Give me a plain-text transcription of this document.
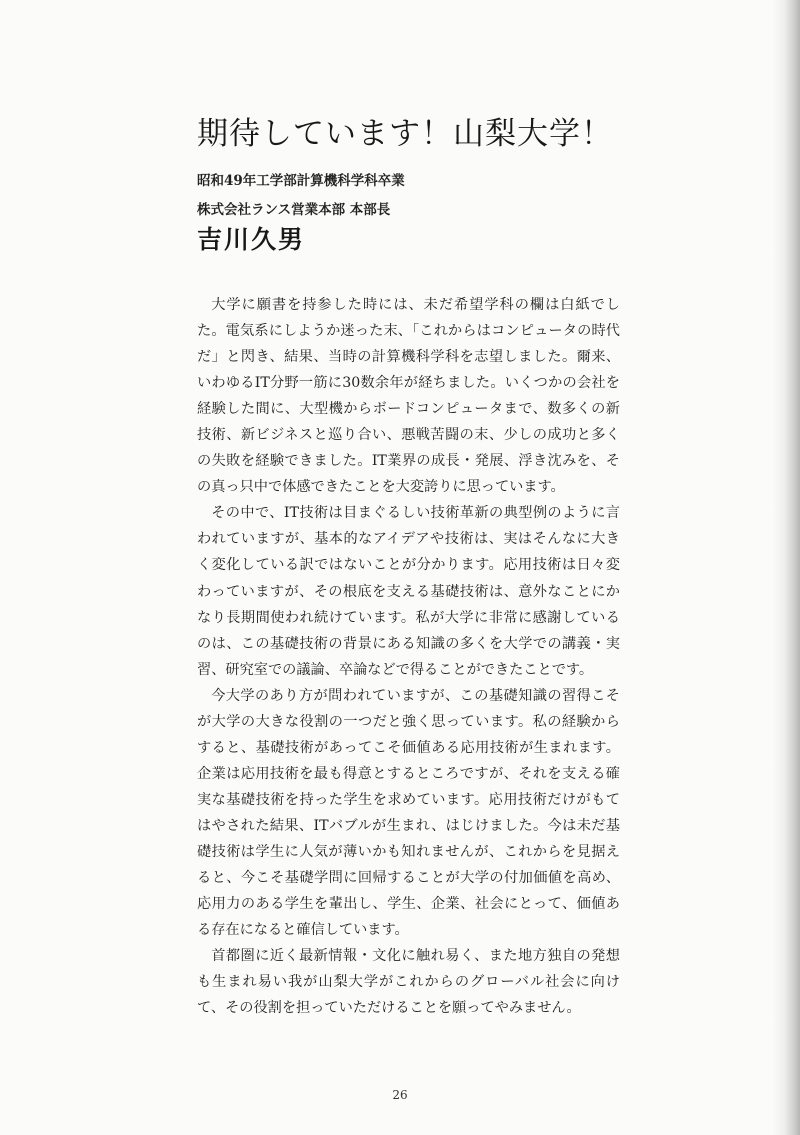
期待しています！山梨大学！

昭和49年工学部計算機科学科卒業

株式会社ランス営業本部 本部長

吉川久男

大学に願書を持参した時には、未だ希望学科の欄は白紙でした。電気系にしようか迷った末、「これからはコンピュータの時代だ」と閃き、結果、当時の計算機科学科を志望しました。爾来、いわゆるIT分野一筋に30数余年が経ちました。いくつかの会社を経験した間に、大型機からボードコンピュータまで、数多くの新技術、新ビジネスと巡り合い、悪戦苦闘の末、少しの成功と多くの失敗を経験できました。IT業界の成長・発展、浮き沈みを、その真っ只中で体感できたことを大変誇りに思っています。

その中で、IT技術は目まぐるしい技術革新の典型例のように言われていますが、基本的なアイデアや技術は、実はそんなに大きく変化している訳ではないことが分かります。応用技術は日々変わっていますが、その根底を支える基礎技術は、意外なことにかなり長期間使われ続けています。私が大学に非常に感謝しているのは、この基礎技術の背景にある知識の多くを大学での講義・実習、研究室での議論、卒論などで得ることができたことです。

今大学のあり方が問われていますが、この基礎知識の習得こそが大学の大きな役割の一つだと強く思っています。私の経験からすると、基礎技術があってこそ価値ある応用技術が生まれます。企業は応用技術を最も得意とするところですが、それを支える確実な基礎技術を持った学生を求めています。応用技術だけがもてはやされた結果、ITバブルが生まれ、はじけました。今は未だ基礎技術は学生に人気が薄いかも知れませんが、これからを見据えると、今こそ基礎学問に回帰することが大学の付加価値を高め、応用力のある学生を輩出し、学生、企業、社会にとって、価値ある存在になると確信しています。

首都圏に近く最新情報・文化に触れ易く、また地方独自の発想も生まれ易い我が山梨大学がこれからのグローバル社会に向けて、その役割を担っていただけることを願ってやみません。

26
